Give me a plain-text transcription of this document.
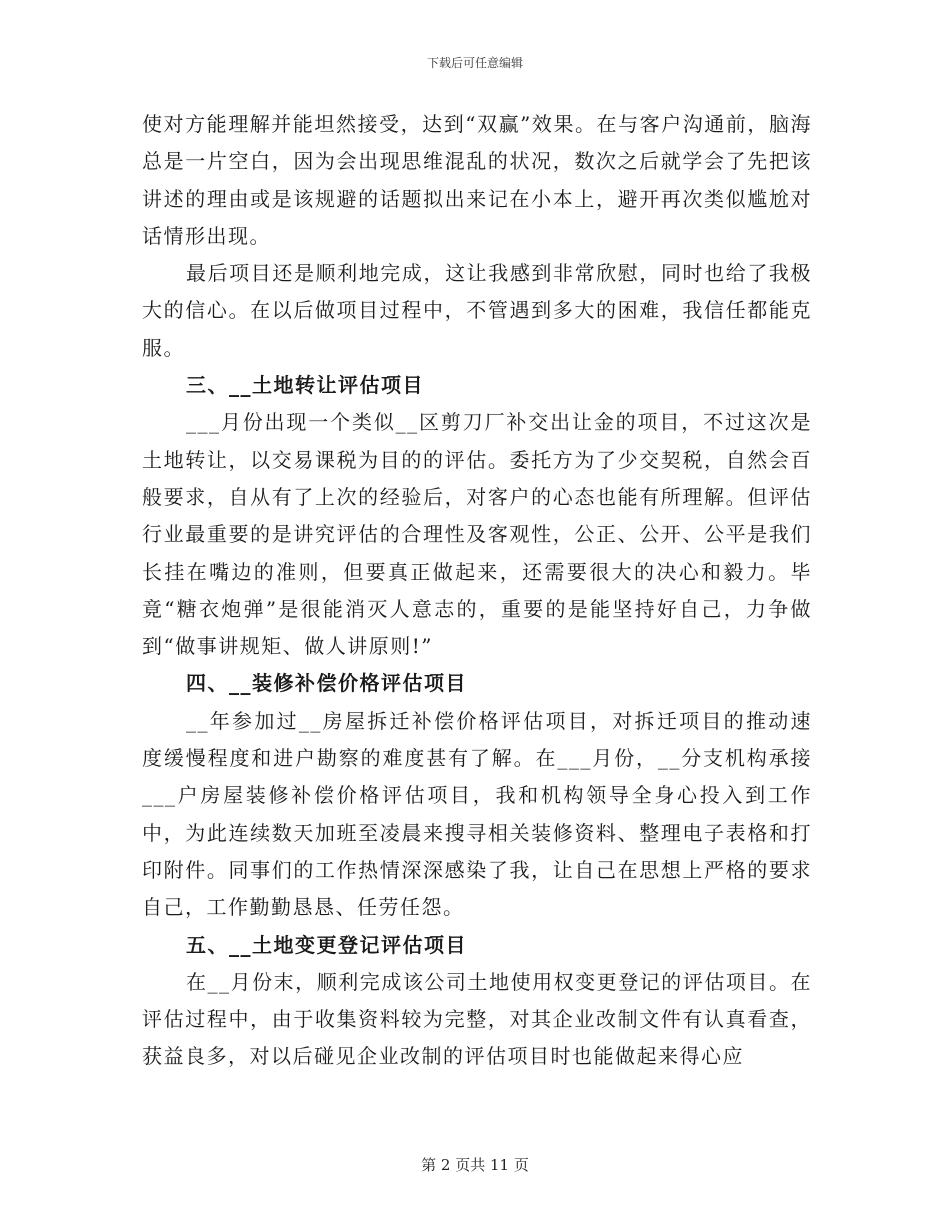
下载后可任意编辑

使对方能理解并能坦然接受，达到“双赢”效果。在与客户沟通前，脑海总是一片空白，因为会出现思维混乱的状况，数次之后就学会了先把该讲述的理由或是该规避的话题拟出来记在小本上，避开再次类似尴尬对话情形出现。

最后项目还是顺利地完成，这让我感到非常欣慰，同时也给了我极大的信心。在以后做项目过程中，不管遇到多大的困难，我信任都能克服。

三、__土地转让评估项目

___月份出现一个类似__区剪刀厂补交出让金的项目，不过这次是土地转让，以交易课税为目的的评估。委托方为了少交契税，自然会百般要求，自从有了上次的经验后，对客户的心态也能有所理解。但评估行业最重要的是讲究评估的合理性及客观性，公正、公开、公平是我们长挂在嘴边的准则，但要真正做起来，还需要很大的决心和毅力。毕竟“糖衣炮弹”是很能消灭人意志的，重要的是能坚持好自己，力争做到“做事讲规矩、做人讲原则!”

四、__装修补偿价格评估项目

__年参加过__房屋拆迁补偿价格评估项目，对拆迁项目的推动速度缓慢程度和进户勘察的难度甚有了解。在___月份，__分支机构承接___户房屋装修补偿价格评估项目，我和机构领导全身心投入到工作中，为此连续数天加班至凌晨来搜寻相关装修资料、整理电子表格和打印附件。同事们的工作热情深深感染了我，让自己在思想上严格的要求自己，工作勤勤恳恳、任劳任怨。

五、__土地变更登记评估项目

在__月份末，顺利完成该公司土地使用权变更登记的评估项目。在评估过程中，由于收集资料较为完整，对其企业改制文件有认真看查，获益良多，对以后碰见企业改制的评估项目时也能做起来得心应

第 2 页共 11 页
